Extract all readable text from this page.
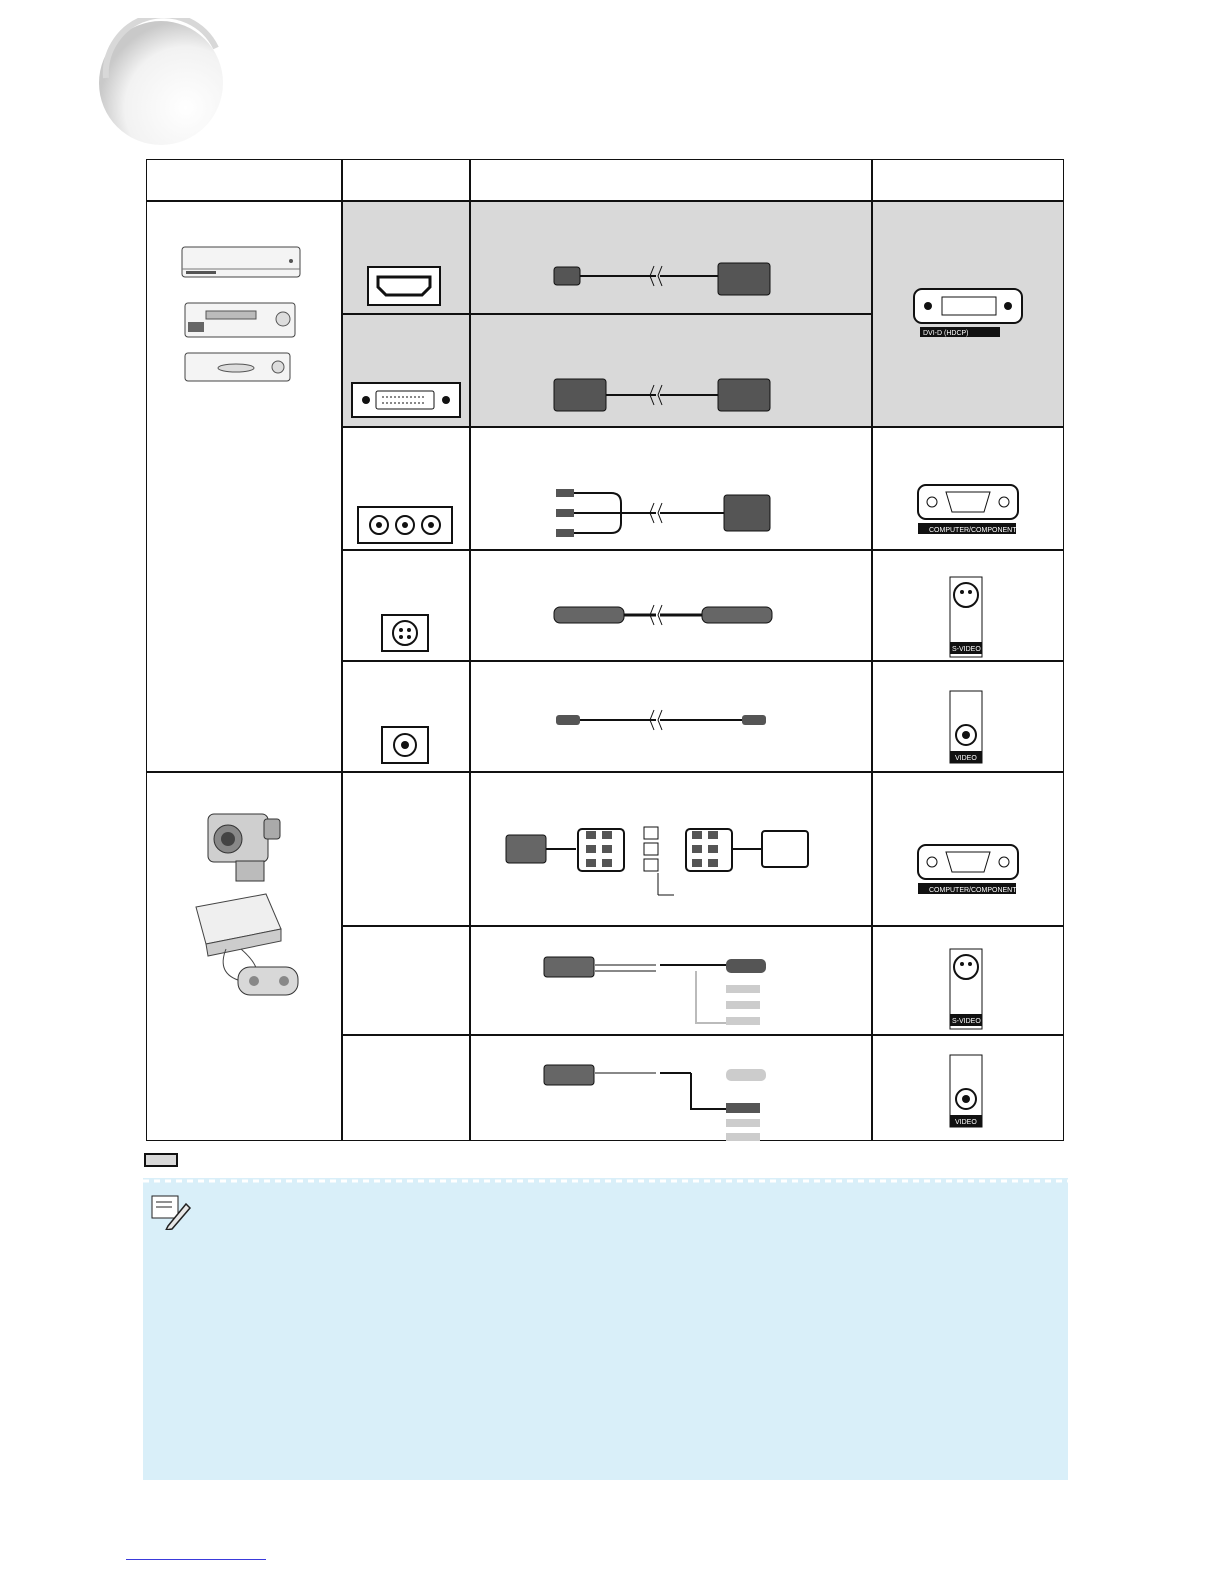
DVI-D (HDCP)
COMPUTER/COMPONENT
S-VIDEO
VIDEO
COMPUTER/COMPONENT
S-VIDEO
VIDEO
